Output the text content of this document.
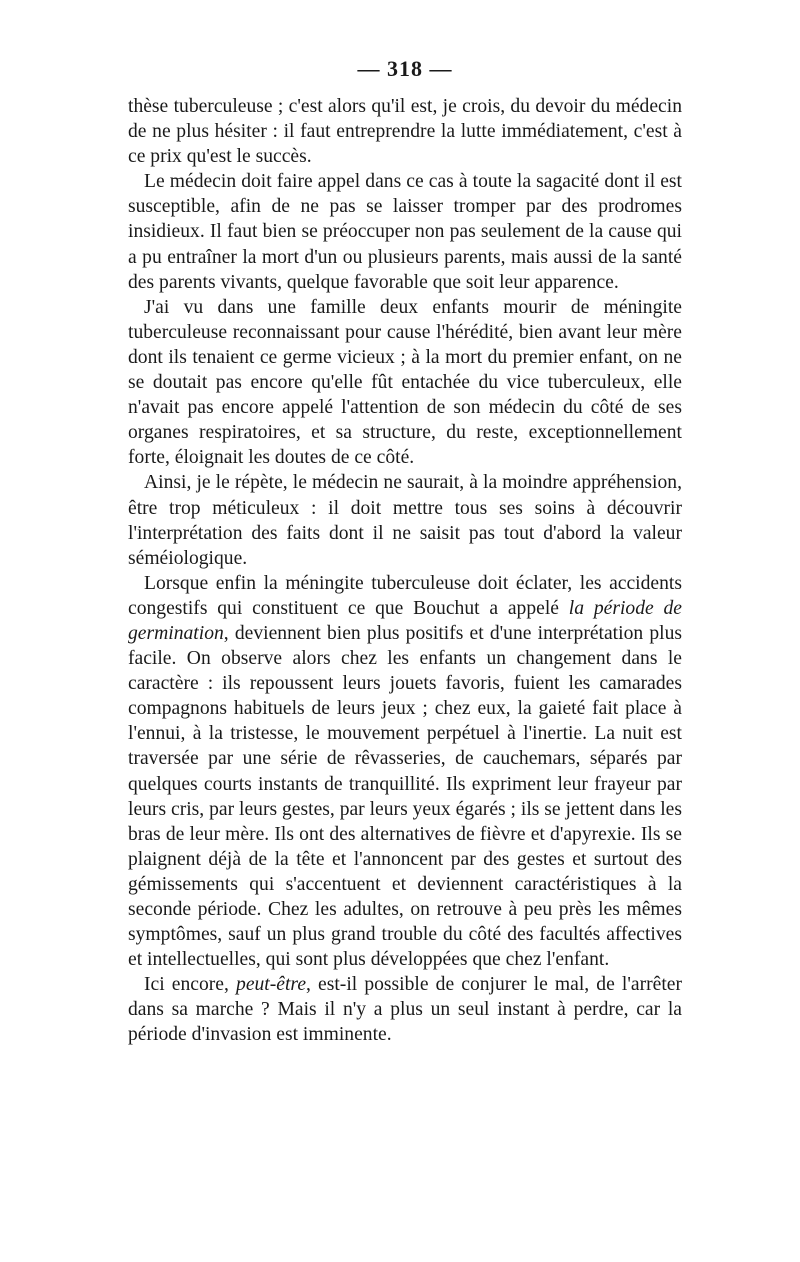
— 318 —

thèse tuberculeuse ; c'est alors qu'il est, je crois, du devoir du médecin de ne plus hésiter : il faut entreprendre la lutte immédiatement, c'est à ce prix qu'est le succès.

Le médecin doit faire appel dans ce cas à toute la sagacité dont il est susceptible, afin de ne pas se laisser tromper par des prodromes insidieux. Il faut bien se préoccuper non pas seulement de la cause qui a pu entraîner la mort d'un ou plusieurs parents, mais aussi de la santé des parents vivants, quelque favorable que soit leur apparence.

J'ai vu dans une famille deux enfants mourir de méningite tuberculeuse reconnaissant pour cause l'hérédité, bien avant leur mère dont ils tenaient ce germe vicieux ; à la mort du premier enfant, on ne se doutait pas encore qu'elle fût entachée du vice tuberculeux, elle n'avait pas encore appelé l'attention de son médecin du côté de ses organes respiratoires, et sa structure, du reste, exceptionnellement forte, éloignait les doutes de ce côté.

Ainsi, je le répète, le médecin ne saurait, à la moindre appréhension, être trop méticuleux : il doit mettre tous ses soins à découvrir l'interprétation des faits dont il ne saisit pas tout d'abord la valeur séméiologique.

Lorsque enfin la méningite tuberculeuse doit éclater, les accidents congestifs qui constituent ce que Bouchut a appelé la période de germination, deviennent bien plus positifs et d'une interprétation plus facile. On observe alors chez les enfants un changement dans le caractère : ils repoussent leurs jouets favoris, fuient les camarades compagnons habituels de leurs jeux ; chez eux, la gaieté fait place à l'ennui, à la tristesse, le mouvement perpétuel à l'inertie. La nuit est traversée par une série de rêvasseries, de cauchemars, séparés par quelques courts instants de tranquillité. Ils expriment leur frayeur par leurs cris, par leurs gestes, par leurs yeux égarés ; ils se jettent dans les bras de leur mère. Ils ont des alternatives de fièvre et d'apyrexie. Ils se plaignent déjà de la tête et l'annoncent par des gestes et surtout des gémissements qui s'accentuent et deviennent caractéristiques à la seconde période. Chez les adultes, on retrouve à peu près les mêmes symptômes, sauf un plus grand trouble du côté des facultés affectives et intellectuelles, qui sont plus développées que chez l'enfant.

Ici encore, peut-être, est-il possible de conjurer le mal, de l'arrêter dans sa marche ? Mais il n'y a plus un seul instant à perdre, car la période d'invasion est imminente.
